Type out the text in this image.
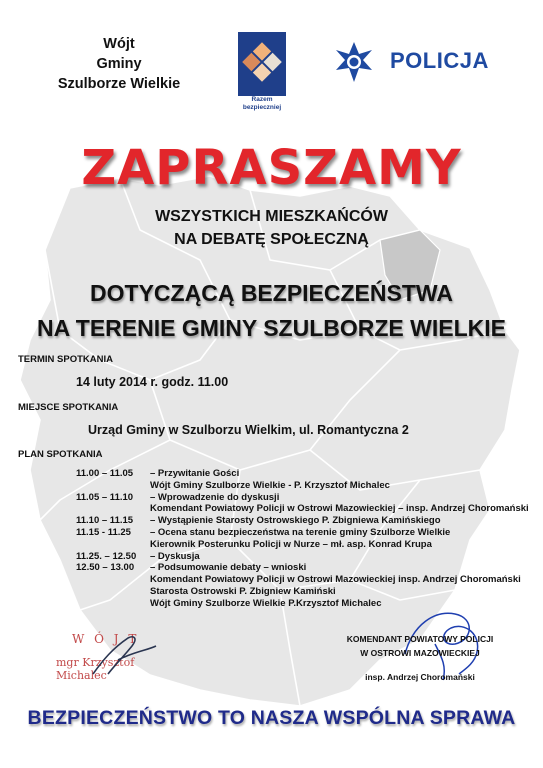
Wójt
Gminy
Szulborze Wielkie
Razem
bezpieczniej
POLICJA
ZAPRASZAMY
WSZYSTKICH MIESZKAŃCÓW
NA DEBATĘ SPOŁECZNĄ
DOTYCZĄCĄ BEZPIECZEŃSTWA
NA TERENIE GMINY SZULBORZE WIELKIE
TERMIN SPOTKANIA
14 luty 2014 r. godz. 11.00
MIEJSCE SPOTKANIA
Urząd Gminy w Szulborzu Wielkim, ul. Romantyczna 2
PLAN SPOTKANIA
11.00 – 11.05	– Przywitanie Gości
Wójt Gminy Szulborze Wielkie - P. Krzysztof Michalec
11.05 – 11.10	– Wprowadzenie do dyskusji
Komendant Powiatowy Policji w Ostrowi Mazowieckiej – insp. Andrzej Choromański
11.10 – 11.15	– Wystąpienie Starosty Ostrowskiego P. Zbigniewa Kamińskiego
11.15 - 11.25	– Ocena stanu bezpieczeństwa na terenie gminy Szulborze Wielkie
Kierownik Posterunku Policji w Nurze – mł. asp. Konrad Krupa
11.25. – 12.50	– Dyskusja
12.50 – 13.00	– Podsumowanie debaty – wnioski
Komendant Powiatowy Policji w Ostrowi Mazowieckiej insp. Andrzej Choromański
Starosta Ostrowski P. Zbigniew Kamiński
Wójt Gminy Szulborze Wielkie P.Krzysztof Michalec
W Ó J T
mgr Krzysztof Michalec
KOMENDANT POWIATOWY POLICJI
W OSTROWI MAZOWIECKIEJ
insp. Andrzej Choromański
BEZPIECZEŃSTWO TO NASZA WSPÓLNA SPRAWA
